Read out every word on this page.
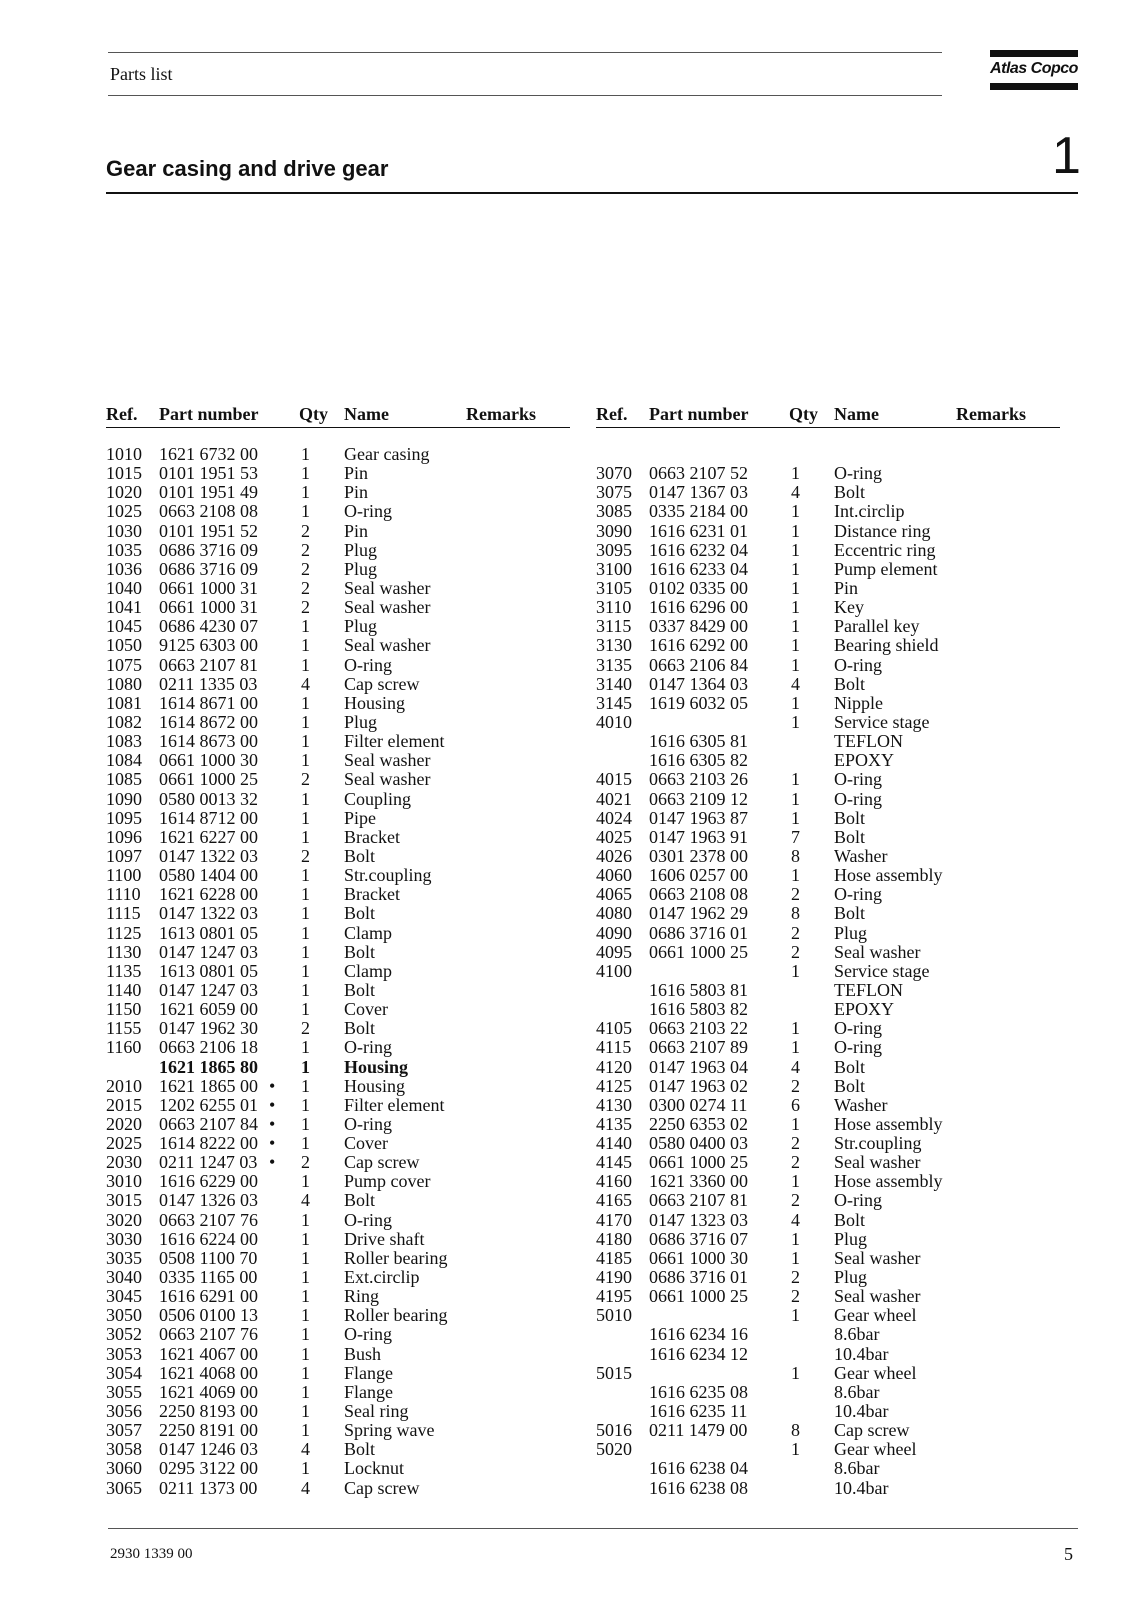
Parts list	Atlas Copco
Gear casing and drive gear	1
Ref. Part number Qty Name	Remarks	Ref. Part number Qty Name	Remarks
1010 1621 6732 00 1 Gear casing
1015 0101 1951 53 1 Pin
1020 0101 1951 49 1 Pin
1025 0663 2108 08 1 O-ring
1030 0101 1951 52 2 Pin
1035 0686 3716 09 2 Plug
1036 0686 3716 09 2 Plug
1040 0661 1000 31 2 Seal washer
1041 0661 1000 31 2 Seal washer
1045 0686 4230 07 1 Plug
1050 9125 6303 00 1 Seal washer
1075 0663 2107 81 1 O-ring
1080 0211 1335 03 4 Cap screw
1081 1614 8671 00 1 Housing
1082 1614 8672 00 1 Plug
1083 1614 8673 00 1 Filter element
1084 0661 1000 30 1 Seal washer
1085 0661 1000 25 2 Seal washer
1090 0580 0013 32 1 Coupling
1095 1614 8712 00 1 Pipe
1096 1621 6227 00 1 Bracket
1097 0147 1322 03 2 Bolt
1100 0580 1404 00 1 Str.coupling
1110 1621 6228 00 1 Bracket
1115 0147 1322 03 1 Bolt
1125 1613 0801 05 1 Clamp
1130 0147 1247 03 1 Bolt
1135 1613 0801 05 1 Clamp
1140 0147 1247 03 1 Bolt
1150 1621 6059 00 1 Cover
1155 0147 1962 30 2 Bolt
1160 0663 2106 18 1 O-ring
1621 1865 80 1 Housing
2010 1621 1865 00 • 1 Housing
2015 1202 6255 01 • 1 Filter element
2020 0663 2107 84 • 1 O-ring
2025 1614 8222 00 • 1 Cover
2030 0211 1247 03 • 2 Cap screw
3010 1616 6229 00 1 Pump cover
3015 0147 1326 03 4 Bolt
3020 0663 2107 76 1 O-ring
3030 1616 6224 00 1 Drive shaft
3035 0508 1100 70 1 Roller bearing
3040 0335 1165 00 1 Ext.circlip
3045 1616 6291 00 1 Ring
3050 0506 0100 13 1 Roller bearing
3052 0663 2107 76 1 O-ring
3053 1621 4067 00 1 Bush
3054 1621 4068 00 1 Flange
3055 1621 4069 00 1 Flange
3056 2250 8193 00 1 Seal ring
3057 2250 8191 00 1 Spring wave
3058 0147 1246 03 4 Bolt
3060 0295 3122 00 1 Locknut
3065 0211 1373 00 4 Cap screw
3070 0663 2107 52 1 O-ring
3075 0147 1367 03 4 Bolt
3085 0335 2184 00 1 Int.circlip
3090 1616 6231 01 1 Distance ring
3095 1616 6232 04 1 Eccentric ring
3100 1616 6233 04 1 Pump element
3105 0102 0335 00 1 Pin
3110 1616 6296 00 1 Key
3115 0337 8429 00 1 Parallel key
3130 1616 6292 00 1 Bearing shield
3135 0663 2106 84 1 O-ring
3140 0147 1364 03 4 Bolt
3145 1619 6032 05 1 Nipple
4010	1 Service stage
1616 6305 81	TEFLON
1616 6305 82	EPOXY
4015 0663 2103 26 1 O-ring
4021 0663 2109 12 1 O-ring
4024 0147 1963 87 1 Bolt
4025 0147 1963 91 7 Bolt
4026 0301 2378 00 8 Washer
4060 1606 0257 00 1 Hose assembly
4065 0663 2108 08 2 O-ring
4080 0147 1962 29 8 Bolt
4090 0686 3716 01 2 Plug
4095 0661 1000 25 2 Seal washer
4100	1 Service stage
1616 5803 81	TEFLON
1616 5803 82	EPOXY
4105 0663 2103 22 1 O-ring
4115 0663 2107 89 1 O-ring
4120 0147 1963 04 4 Bolt
4125 0147 1963 02 2 Bolt
4130 0300 0274 11 6 Washer
4135 2250 6353 02 1 Hose assembly
4140 0580 0400 03 2 Str.coupling
4145 0661 1000 25 2 Seal washer
4160 1621 3360 00 1 Hose assembly
4165 0663 2107 81 2 O-ring
4170 0147 1323 03 4 Bolt
4180 0686 3716 07 1 Plug
4185 0661 1000 30 1 Seal washer
4190 0686 3716 01 2 Plug
4195 0661 1000 25 2 Seal washer
5010	1 Gear wheel
1616 6234 16	8.6bar
1616 6234 12	10.4bar
5015	1 Gear wheel
1616 6235 08	8.6bar
1616 6235 11	10.4bar
5016 0211 1479 00 8 Cap screw
5020	1 Gear wheel
1616 6238 04	8.6bar
1616 6238 08	10.4bar
2930 1339 00	5
